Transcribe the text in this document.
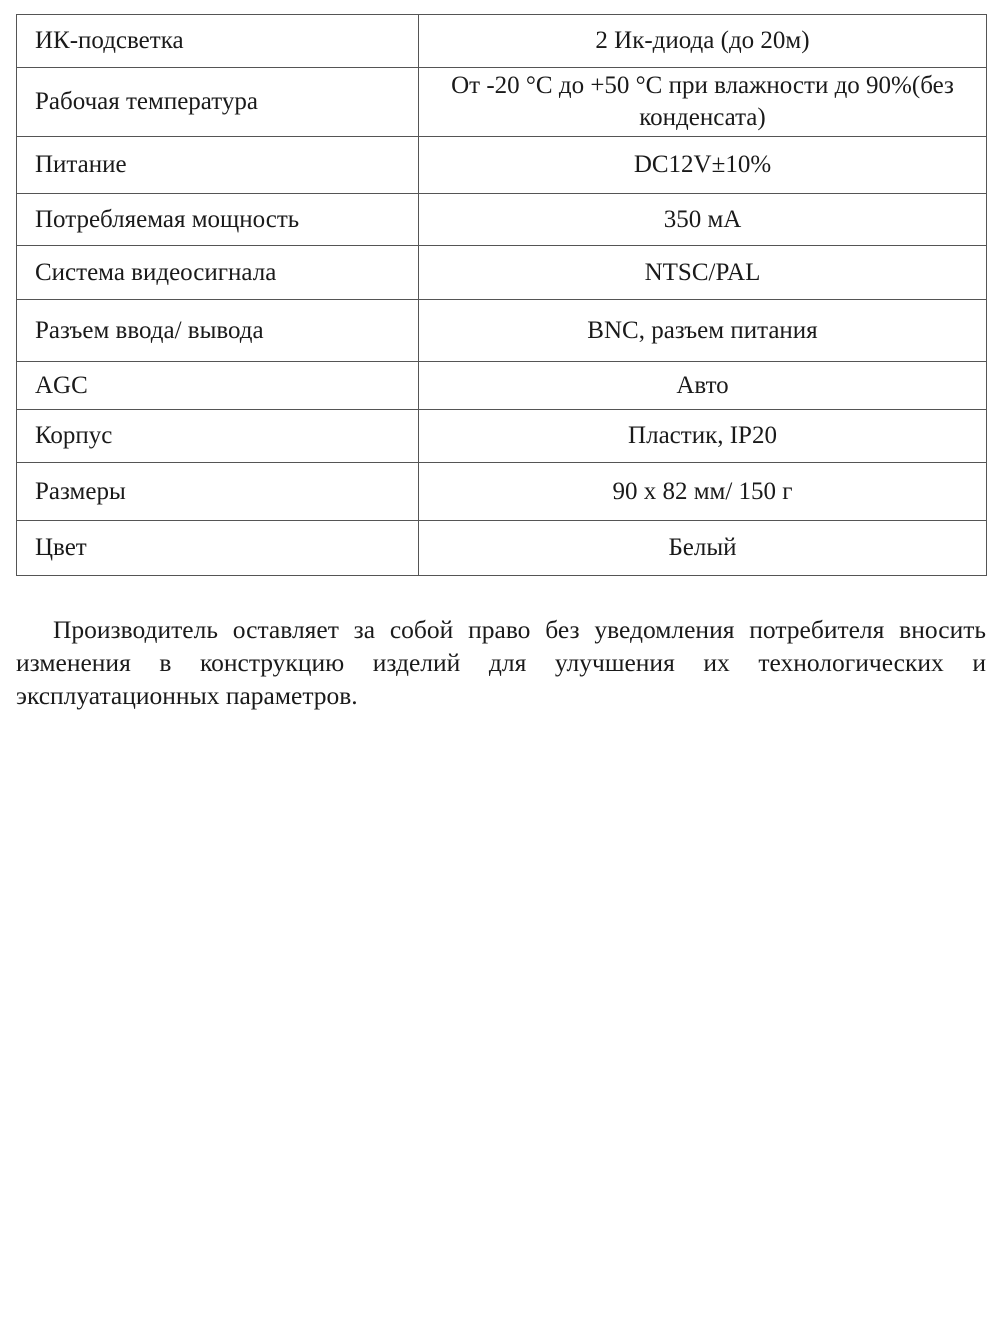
ИК-подсветка	2 Ик-диода (до 20м)
Рабочая температура	От -20 °С до +50 °С при влажности до 90%(без конденсата)
Питание	DC12V±10%
Потребляемая мощность	350 мА
Система видеосигнала	NTSC/PAL
Разъем ввода/ вывода	BNC, разъем питания
AGC	Авто
Корпус	Пластик, IP20
Размеры	90 x 82 мм/ 150 г
Цвет	Белый

Производитель оставляет за собой право без уведомления потребителя вносить изменения в конструкцию изделий для улучшения их технологических и эксплуатационных параметров.
